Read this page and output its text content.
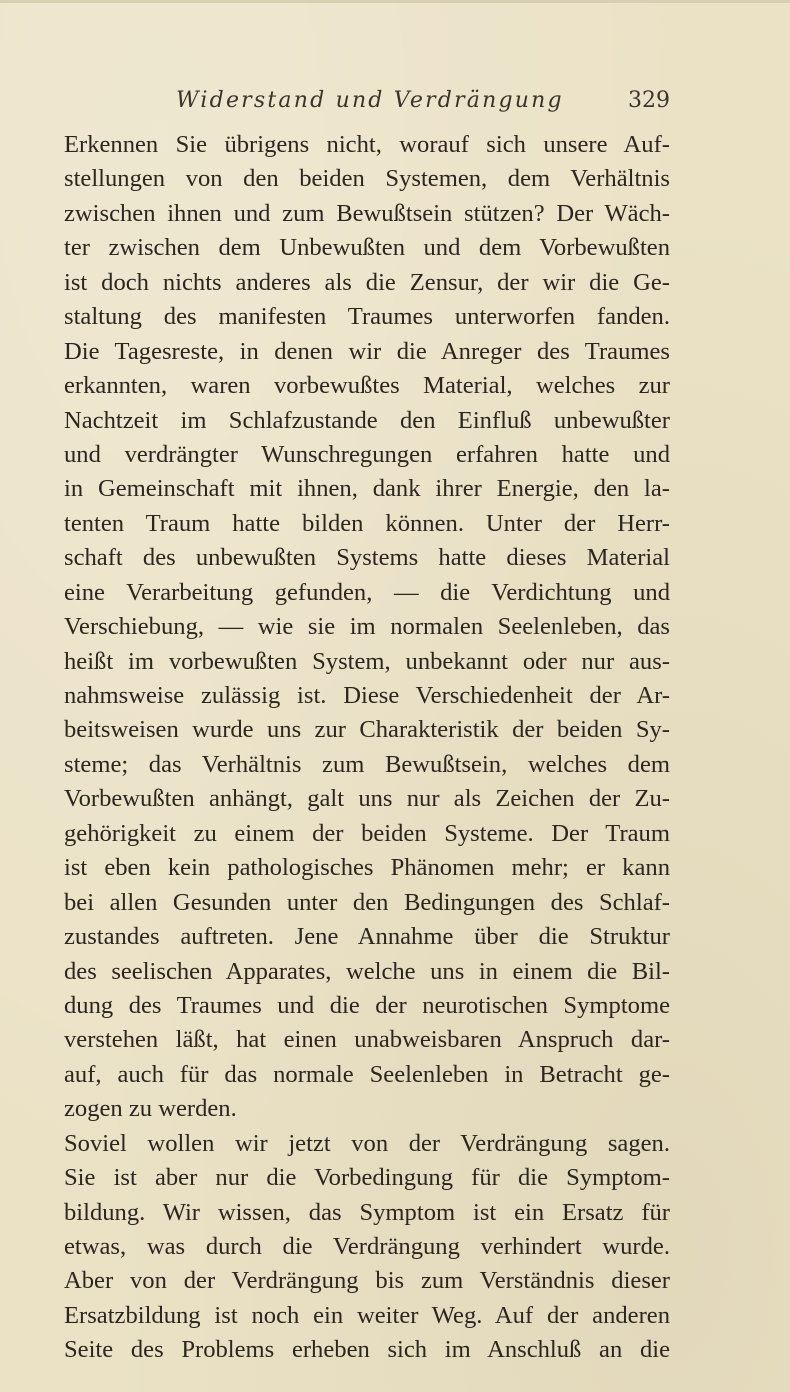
Widerstand und Verdrängung	329
Erkennen Sie übrigens nicht, worauf sich unsere Auf-
stellungen von den beiden Systemen, dem Verhältnis
zwischen ihnen und zum Bewußtsein stützen? Der Wäch-
ter zwischen dem Unbewußten und dem Vorbewußten
ist doch nichts anderes als die Zensur, der wir die Ge-
staltung des manifesten Traumes unterworfen fanden.
Die Tagesreste, in denen wir die Anreger des Traumes
erkannten, waren vorbewußtes Material, welches zur
Nachtzeit im Schlafzustande den Einfluß unbewußter
und verdrängter Wunschregungen erfahren hatte und
in Gemeinschaft mit ihnen, dank ihrer Energie, den la-
tenten Traum hatte bilden können. Unter der Herr-
schaft des unbewußten Systems hatte dieses Material
eine Verarbeitung gefunden, — die Verdichtung und
Verschiebung, — wie sie im normalen Seelenleben, das
heißt im vorbewußten System, unbekannt oder nur aus-
nahmsweise zulässig ist. Diese Verschiedenheit der Ar-
beitsweisen wurde uns zur Charakteristik der beiden Sy-
steme; das Verhältnis zum Bewußtsein, welches dem
Vorbewußten anhängt, galt uns nur als Zeichen der Zu-
gehörigkeit zu einem der beiden Systeme. Der Traum
ist eben kein pathologisches Phänomen mehr; er kann
bei allen Gesunden unter den Bedingungen des Schlaf-
zustandes auftreten. Jene Annahme über die Struktur
des seelischen Apparates, welche uns in einem die Bil-
dung des Traumes und die der neurotischen Symptome
verstehen läßt, hat einen unabweisbaren Anspruch dar-
auf, auch für das normale Seelenleben in Betracht ge-
zogen zu werden.
Soviel wollen wir jetzt von der Verdrängung sagen.
Sie ist aber nur die Vorbedingung für die Symptom-
bildung. Wir wissen, das Symptom ist ein Ersatz für
etwas, was durch die Verdrängung verhindert wurde.
Aber von der Verdrängung bis zum Verständnis dieser
Ersatzbildung ist noch ein weiter Weg. Auf der anderen
Seite des Problems erheben sich im Anschluß an die
